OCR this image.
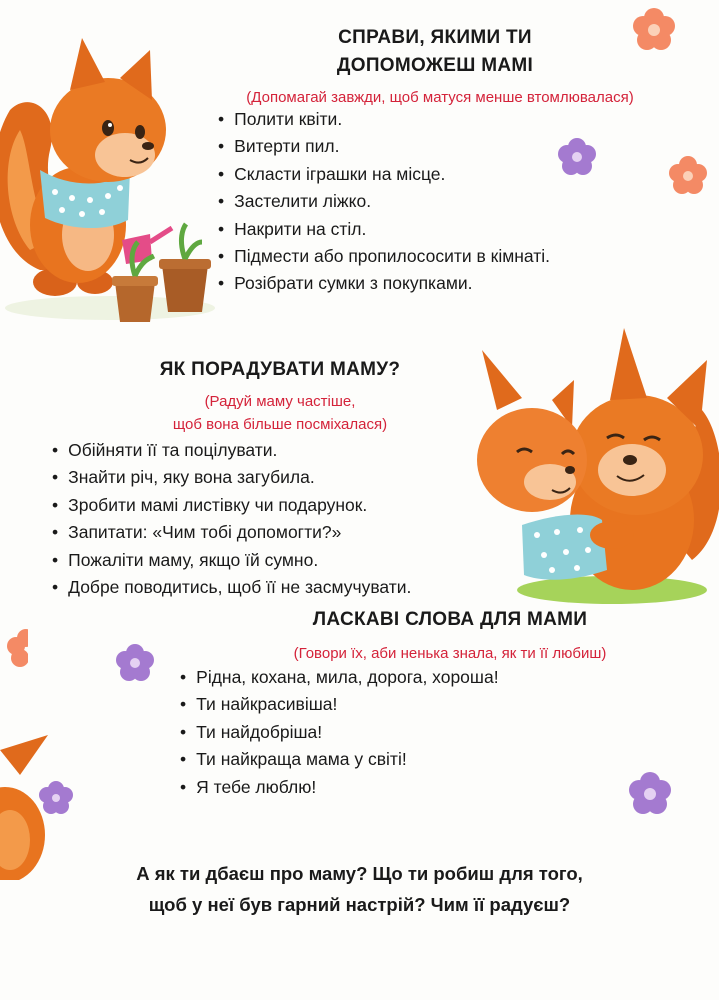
СПРАВИ, ЯКИМИ ТИ
ДОПОМОЖЕШ МАМІ
(Допомагай завжди, щоб матуся менше втомлювалася)
• Полити квіти.
• Витерти пил.
• Скласти іграшки на місце.
• Застелити ліжко.
• Накрити на стіл.
• Підмести або пропилососити в кімнаті.
• Розібрати сумки з покупками.
ЯК ПОРАДУВАТИ МАМУ?
(Радуй маму частіше,
щоб вона більше посміхалася)
• Обійняти її та поцілувати.
• Знайти річ, яку вона загубила.
• Зробити мамі листівку чи подарунок.
• Запитати: «Чим тобі допомогти?»
• Пожаліти маму, якщо їй сумно.
• Добре поводитись, щоб її не засмучувати.
ЛАСКАВІ СЛОВА ДЛЯ МАМИ
(Говори їх, аби ненька знала, як ти її любиш)
• Рідна, кохана, мила, дорога, хороша!
• Ти найкрасивіша!
• Ти найдобріша!
• Ти найкраща мама у світі!
• Я тебе люблю!
А як ти дбаєш про маму? Що ти робиш для того,
щоб у неї був гарний настрій? Чим її радуєш?
